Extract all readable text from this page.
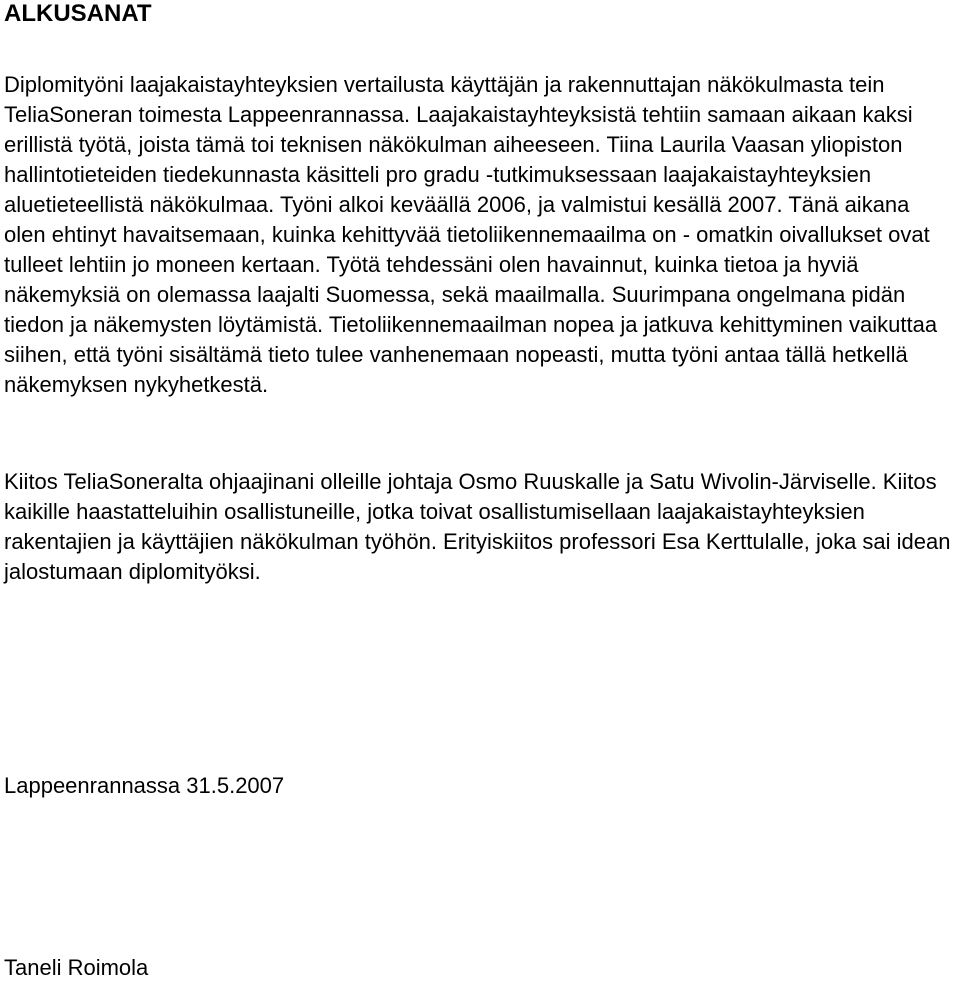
ALKUSANAT

Diplomityöni laajakaistayhteyksien vertailusta käyttäjän ja rakennuttajan näkökulmasta tein TeliaSoneran toimesta Lappeenrannassa. Laajakaistayhteyksistä tehtiin samaan aikaan kaksi erillistä työtä, joista tämä toi teknisen näkökulman aiheeseen. Tiina Laurila Vaasan yliopiston hallintotieteiden tiedekunnasta käsitteli pro gradu -tutkimuksessaan laajakaistayhteyksien aluetieteellistä näkökulmaa. Työni alkoi keväällä 2006, ja valmistui kesällä 2007. Tänä aikana olen ehtinyt havaitsemaan, kuinka kehittyvää tietoliikennemaailma on - omatkin oivallukset ovat tulleet lehtiin jo moneen kertaan. Työtä tehdessäni olen havainnut, kuinka tietoa ja hyviä näkemyksiä on olemassa laajalti Suomessa, sekä maailmalla. Suurimpana ongelmana pidän tiedon ja näkemysten löytämistä. Tietoliikennemaailman nopea ja jatkuva kehittyminen vaikuttaa siihen, että työni sisältämä tieto tulee vanhenemaan nopeasti, mutta työni antaa tällä hetkellä näkemyksen nykyhetkestä.

Kiitos TeliaSoneralta ohjaajinani olleille johtaja Osmo Ruuskalle ja Satu Wivolin-Järviselle. Kiitos kaikille haastatteluihin osallistuneille, jotka toivat osallistumisellaan laajakaistayhteyksien rakentajien ja käyttäjien näkökulman työhön. Erityiskiitos professori Esa Kerttulalle, joka sai idean jalostumaan diplomityöksi.

Lappeenrannassa 31.5.2007

Taneli Roimola
